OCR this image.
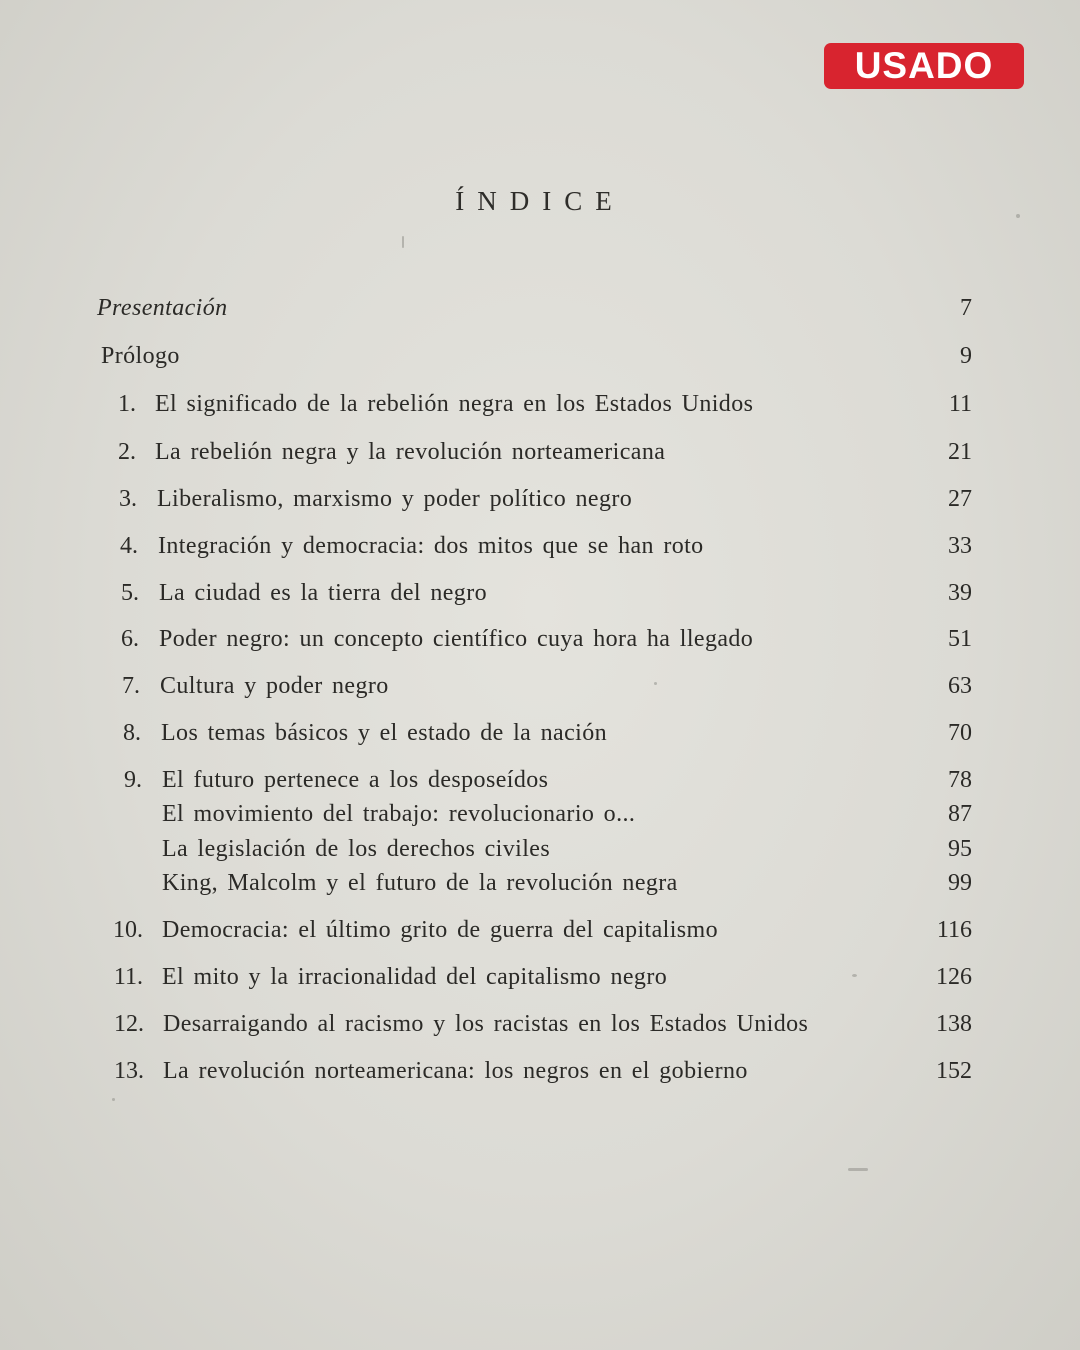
USADO
ÍNDICE
Presentación	7
Prólogo	9
1. El significado de la rebelión negra en los Estados Unidos	11
2. La rebelión negra y la revolución norteamericana	21
3. Liberalismo, marxismo y poder político negro	27
4. Integración y democracia: dos mitos que se han roto	33
5. La ciudad es la tierra del negro	39
6. Poder negro: un concepto científico cuya hora ha llegado	51
7. Cultura y poder negro	63
8. Los temas básicos y el estado de la nación	70
9. El futuro pertenece a los desposeídos	78
El movimiento del trabajo: revolucionario o...	87
La legislación de los derechos civiles	95
King, Malcolm y el futuro de la revolución negra	99
10. Democracia: el último grito de guerra del capitalismo	116
11. El mito y la irracionalidad del capitalismo negro	126
12. Desarraigando al racismo y los racistas en los Estados Unidos	138
13. La revolución norteamericana: los negros en el gobierno	152
